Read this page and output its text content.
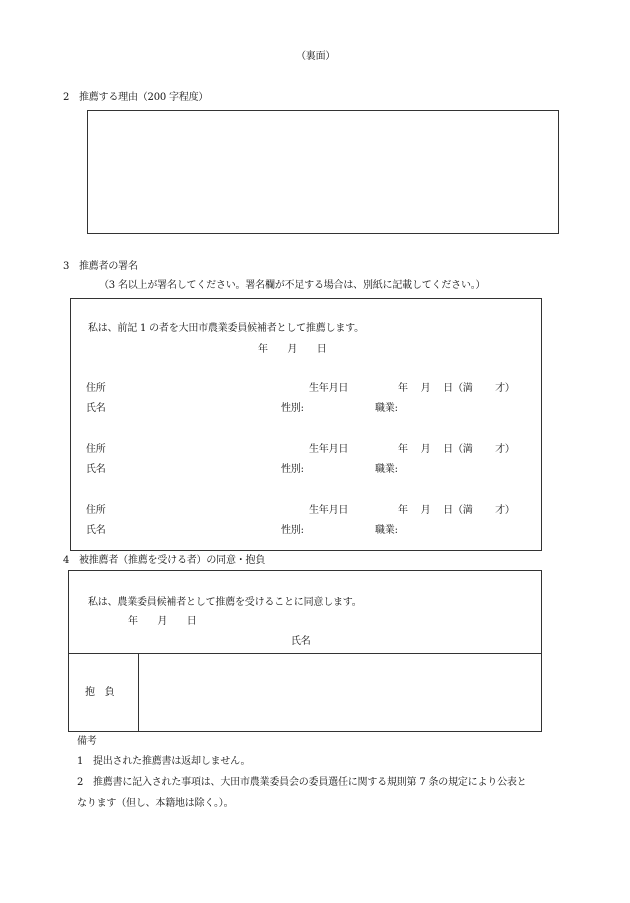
（裏面）
2　推薦する理由（200 字程度）
3　推薦者の署名
（3 名以上が署名してください。署名欄が不足する場合は、別紙に記載してください。）
私は、前記 1 の者を大田市農業委員候補者として推薦します。
年　　月　　日
住所	生年月日	年　 月　 日（満　　 才）
氏名	性別:	職業:
住所	生年月日	年　 月　 日（満　　 才）
氏名	性別:	職業:
住所	生年月日	年　 月　 日（満　　 才）
氏名	性別:	職業:
4　被推薦者（推薦を受ける者）の同意・抱負
私は、農業委員候補者として推薦を受けることに同意します。
年　　月　　日
氏名
抱　負
備考
1　提出された推薦書は返却しません。
2　推薦書に記入された事項は、大田市農業委員会の委員選任に関する規則第 7 条の規定により公表と
なります（但し、本籍地は除く。）。
